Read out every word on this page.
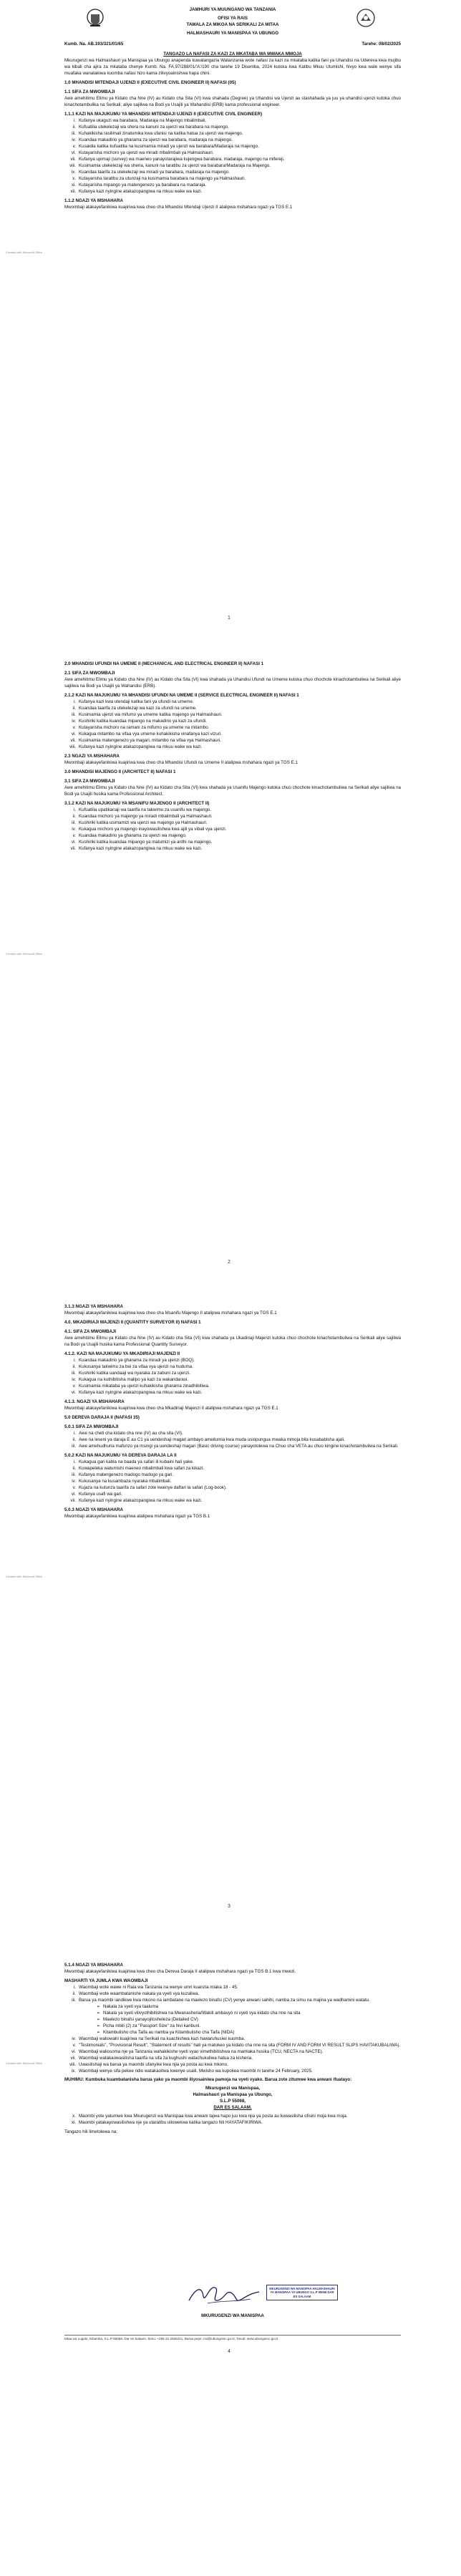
Created with Microsoft Office ...
JAMHURI YA MUUNGANO WA TANZANIA
OFISI YA RAIS
TAWALA ZA MIKOA NA SERIKALI ZA MITAA
HALMASHAURI YA MANISPAA YA UBUNGO
Kumb. Na. AB.193/321/01/65	Tarehe: 08/02/2025
TANGAZO LA NAFASI ZA KAZI ZA MKATABA WA MWAKA MMOJA
Mkurugenzi wa Halmashauri ya Manispaa ya Ubungo anapenda kuwatangazia Watanzania wote nafasi za kazi za mkataba katika fani ya Uhandisi na Udereva kwa mujibu wa kibali cha ajira za mkataba chenye Kumb. Na. FA.97/288/01/'A'/190 cha tarehe 19 Disemba, 2024 kutoka kwa Katibu Mkuu Utumishi, hivyo kwa wale wenye sifa muafaka wanatakiwa kuomba nafasi hizo kama zilivyoainishwa hapa chini.
1.0 MHANDISI MITENDAJI UJENZI II (EXECUTIVE CIVIL ENGINEER II) NAFASI (05)
1.1 SIFA ZA MWOMBAJI
Awe amehitimu Elimu ya Kidato cha Nne (IV) au Kidato cha Sita (VI) kwa shahada (Degree) ya Uhandisi wa Ujenzi au stashahada ya juu ya uhandisi ujenzi kutoka chuo kinachotambulika na Serikali; aliye sajiliwa na Bodi ya Usajili ya Wahandisi (ERB) kama professional engineer.
1.1.1 KAZI NA MAJUKUMU YA MHANDISI MITENDAJI UJENZI II (EXECUTIVE CIVIL ENGINEER)
i. Kufanya ukaguzi wa barabara, Madaraja na Majengo mbalimbali.
ii. Kufuatilia utekelezaji wa shera na kanuni za ujenzi wa barabara na majengo.
iii. Kuhakikisha rasilimali zinatumika kwa ufanisi na katika hatua za ujenzi wa majengo.
iv. Kuandaa makadirio ya gharama za ujenzi wa barabara, madaraja na majengo.
v. Kusaidia katika kufuatilia na kusimamia miradi ya ujenzi wa barabara/Madaraja na majengo.
vi. Kutayarisha michoro ya ujenzi wa miradi mbalimbali ya Halmashauri.
vii. Kufanya upimaji (survey) wa maeneo yanayotarajiwa kujengwa barabara, madaraja, majengo na mifereji.
viii. Kusimamia utekelezaji wa sheria, kanuni na taratibu za ujenzi wa barabara/Madaraja na Majengo.
ix. Kuandaa taarifa za utekelezaji wa miradi ya barabara, madaraja na majengo.
x. Kutayarisha taratibu za utunzaji na kusimamia barabara na majengo ya Halmashauri.
xi. Kutayarisha mipango ya matengenezo ya barabara na madaraja.
xii. Kufanya kazi nyingine atakazopangiwa na mkuu wake wa kazi.
1.1.2 NGAZI YA MSHAHARA
Mwombaji atakayefanikiwa kuajiriwa kwa cheo cha Mhandisi Mtendaji Ujenzi II atalipwa mshahara ngazi ya TGS E.1
1
Created with Microsoft Office ...
2.0 MHANDISI UFUNDI NA UMEME II (MECHANICAL AND ELECTRICAL ENGINEER II) NAFASI 1
2.1 SIFA ZA MWOMBAJI
Awe amehitimu Elimu ya Kidato cha Nne (IV) au Kidato cha Sita (VI) kwa shahada ya Uhandisi Ufundi na Umeme kutoka chuo chochote kinachotambuliwa na Serikali aliye sajiliwa na Bodi ya Usajili ya Wahandisi (ERB).
2.1.2 KAZI NA MAJUKUMU YA MHANDISI UFUNDI NA UMEME II (SERVICE ELECTRICAL ENGINEER II) NAFASI 1
i. Kufanya kazi kwa utendaji katika fani ya ufundi na umeme.
ii. Kuandaa taarifa za utekelezaji wa kazi za ufundi na umeme.
iii. Kusimamia ujenzi wa mifumo ya umeme katika majengo ya Halmashauri.
iv. Kushiriki katika kuandaa mipango na makadirio ya kazi za ufundi.
v. Kutayarisha michoro na ramani za mifumo ya umeme na mitambo.
vi. Kukagua mitambo na vifaa vya umeme kuhakikisha vinafanya kazi vizuri.
vii. Kusimamia matengenezo ya magari, mitambo na vifaa vya Halmashauri.
viii. Kufanya kazi nyingine atakazopangiwa na mkuu wake wa kazi.
2.3 NGAZI YA MSHAHARA
Mwombaji atakayefanikiwa kuajiriwa kwa cheo cha Mhandisi Ufundi na Umeme II atalipwa mshahara ngazi ya TGS E.1
3.0 MHANDISI MAJENGO II (ARCHITECT II) NAFASI 1
3.1 SIFA ZA MWOMBAJI
Awe amehitimu Elimu ya Kidato cha Nne (IV) au Kidato cha Sita (VI) kwa shahada ya Usanifu Majengo kutoka chuo chochote kinachotambuliwa na Serikali aliye sajiliwa na Bodi ya Usajili husika kama Professional Architect.
3.1.2 KAZI NA MAJUKUMU YA MSANIFU MAJENGO II (ARCHITECT II)
i. Kufuatilia upatikanaji wa taarifa na takwimu za usanifu wa majengo.
ii. Kuandaa michoro ya majengo ya miradi mbalimbali ya Halmashauri.
iii. Kushiriki katika usimamizi wa ujenzi wa majengo ya Halmashauri.
iv. Kukagua michoro ya majengo inayowasilishwa kwa ajili ya vibali vya ujenzi.
v. Kuandaa makadirio ya gharama za ujenzi wa majengo.
vi. Kushiriki katika kuandaa mipango ya matumizi ya ardhi na majengo.
vii. Kufanya kazi nyingine atakazopangiwa na mkuu wake wa kazi.
2
Created with Microsoft Office ...
3.1.3 NGAZI YA MSHAHARA
Mwombaji atakayefanikiwa kuajiriwa kwa cheo cha Msanifu Majengo II atalipwa mshahara ngazi ya TGS E.1
4.0. MKADIRIAJI MAJENZI II (QUANTITY SURVEYOR II) NAFASI 1
4.1. SIFA ZA MWOMBAJI
Awe amehitimu Elimu ya Kidato cha Nne (IV) au Kidato cha Sita (VI) kwa shahada ya Ukadiriaji Majenzi kutoka chuo chochote kinachotambuliwa na Serikali aliye sajiliwa na Bodi ya Usajili husika kama Professional Quantity Surveyor.
4.1.2. KAZI NA MAJUKUMU YA MKADIRIAJI MAJENZI II
i. Kuandaa makadirio ya gharama za miradi ya ujenzi (BOQ).
ii. Kukusanya takwimu za bei za vifaa vya ujenzi na huduma.
iii. Kushiriki katika uandaaji wa nyaraka za zabuni za ujenzi.
iv. Kukagua na kuthibitisha malipo ya kazi za wakandarasi.
v. Kusimamia mikataba ya ujenzi kuhakikisha gharama zinadhibitiwa.
vi. Kufanya kazi nyingine atakazopangiwa na mkuu wake wa kazi.
4.1.3. NGAZI YA MSHAHARA
Mwombaji atakayefanikiwa kuajiriwa kwa cheo cha Mkadiriaji Majenzi II atalipwa mshahara ngazi ya TGS E.1
5.0 DEREVA DARAJA II (NAFASI 35)
5.0.1 SIFA ZA MWOMBAJI
i. Awe na cheti cha kidato cha nne (IV) au cha sita (VI).
ii. Awe na leseni ya daraja E au C1 ya uendeshaji magari ambayo ameitumia kwa muda usiopungua mwaka mmoja bila kusababisha ajali.
iii. Awe amehudhuria mafunzo ya msingi ya uendeshaji magari (Basic driving course) yanayotolewa na Chuo cha VETA au chuo kingine kinachotambuliwa na Serikali.
5.0.2 KAZI NA MAJUKUMU YA DEREVA DARAJA LA II
i. Kukagua gari kabla na baada ya safari ili kubaini hali yake.
ii. Kuwapeleka watumishi maeneo mbalimbali kwa safari za kikazi.
iii. Kufanya matengenezo madogo madogo ya gari.
iv. Kukusanya na kusambaza nyaraka mbalimbali.
v. Kujaza na kutunza taarifa za safari zote kwenye daftari la safari (Log-book).
vi. Kufanya usafi wa gari.
vii. Kufanya kazi nyingine atakazopangiwa na mkuu wake wa kazi.
5.0.3 NGAZI YA MSHAHARA
Mwombaji atakayefanikiwa kuajiriwa atalipwa mshahara ngazi ya TGS B.1
3
Created with Microsoft Office ...
5.1.4 NGAZI YA MSHAHARA
Mwombaji atakayefanikiwa kuajiriwa kwa cheo cha Dereva Daraja II atalipwa mshahara ngazi ya TGS B.1 kwa mwezi.
MASHARTI YA JUMLA KWA WAOMBAJI
i. Waombaji wote wawe ni Raia wa Tanzania na wenye umri kuanzia miaka 18 - 45.
ii. Waombaji wote waambatanishe nakala ya vyeti vya kuzaliwa.
iii. Barua ya maombi iandikwe kwa mkono na iambatane na maelezo binafsi (CV) yenye anwani sahihi, namba za simu na majina ya wadhamini watatu.
➢ Nakala za vyeti vya taaluma
➢ Nakala ya vyeti vilivyothibitishwa na Mwanasheria/Wakili ambavyo ni vyeti vya kidato cha nne na sita
➢ Maelezo binafsi yanayojitosheleza (Detailed CV)
➢ Picha mbili (2) za "Passport Size" za hivi karibuni.
➢ Kitambulisho cha Taifa au namba ya Kitambulisho cha Taifa (NIDA)
iv. Waombaji waliowahi kuajiriwa na Serikali na kuachishwa kazi hawaruhusiwi kuomba.
v. "Testimonials", "Provisional Result", "Statement of results" hati ya matokeo ya kidato cha nne na sita (FORM IV AND FORM VI RESULT SLIPS HAVITAKUBALIWA).
vi. Waombaji waliosoma nje ya Tanzania wahakikishe vyeti vyao vimethibitishwa na mamlaka husika (TCU, NECTA na NACTE).
vii. Waombaji watakaowasilisha taarifa na sifa za kughushi watachukuliwa hatua za kisheria.
viii. Uwasilishaji wa barua ya maombi ufanyike kwa njia ya posta au kwa mkono.
ix. Waombaji wenye sifa pekee ndio watakaoitwa kwenye usaili. Mwisho wa kupokea maombi ni tarehe 24 February, 2025.
MUHIMU: Kumbuka kuambatanisha barua yako ya maombi iliyosainiwa pamoja na vyeti vyako. Barua zote zitumwe kwa anwani ifuatayo:
Mkurugenzi wa Manispaa,
Halmashauri ya Manispaa ya Ubungo,
S.L.P 55068,
DAR ES SALAAM.
x. Maombi yote yatumwe kwa Mkurugenzi wa Manispaa kwa anwani tajwa hapo juu kwa njia ya posta au kuwasilisha ofisini moja kwa moja.
xi. Maombi yatakayowasilishwa nje ya utaratibu uliowekwa katika tangazo hili HAYATAFIKIRIWA.
Tangazo hili limetolewa na;
MKURUGENZI WA MANISPAA HALMASHAURI YA MANISPAA YA UBUNGO S.L.P 55068 DAR ES SALAAM
MKURUGENZI WA MANISPAA
Mtaa wa Lugalo, Kibamba, S.L.P 55068, Dar es Salaam. Simu: +255 22 2926241, Barua pepe: md@ubungomc.go.tz, Tovuti: www.ubungomc.go.tz
4
